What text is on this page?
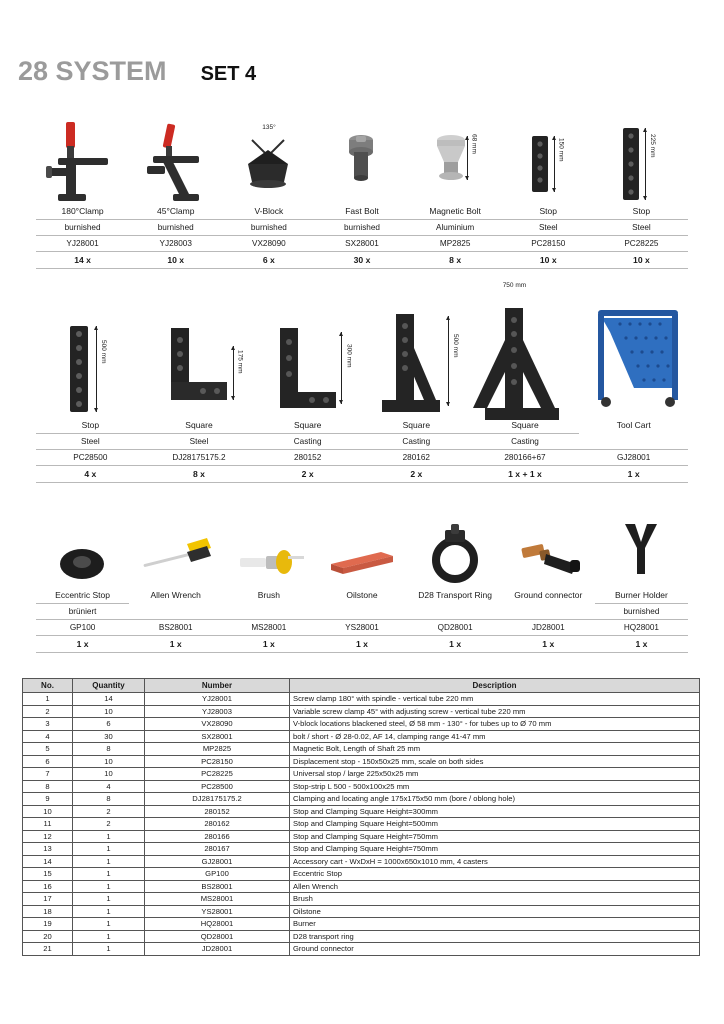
28 SYSTEM SET 4
135°
68 mm	150 mm	225 mm
180°Clamp	45°Clamp	V-Block	Fast Bolt	Magnetic Bolt	Stop	Stop
burnished	burnished	burnished	burnished	Aluminium	Steel	Steel
YJ28001	YJ28003	VX28090	SX28001	MP2825	PC28150	PC28225
14 x	10 x	6 x	30 x	8 x	10 x	10 x
500 mm	175 mm	300 mm	500 mm
750 mm
Stop	Square	Square	Square	Square	Tool Cart
Steel	Steel	Casting	Casting	Casting	
PC28500	DJ28175175.2	280152	280162	280166+67	GJ28001
4 x	8 x	2 x	2 x	1 x + 1 x	1 x
Eccentric Stop	Allen Wrench	Brush	Oilstone	D28 Transport Ring	Ground connector	Burner Holder
brüniert						burnished
GP100	BS28001	MS28001	YS28001	QD28001	JD28001	HQ28001
1 x	1 x	1 x	1 x	1 x	1 x	1 x
No.	Quantity	Number	Description
1	14	YJ28001	Screw clamp 180° with spindle - vertical tube 220 mm
2	10	YJ28003	Variable screw clamp 45° with adjusting screw - vertical tube 220 mm
3	6	VX28090	V-block locations blackened steel, Ø 58 mm - 130° - for tubes up to Ø 70 mm
4	30	SX28001	bolt / short - Ø 28-0.02, AF 14, clamping range 41-47 mm
5	8	MP2825	Magnetic Bolt, Length of Shaft 25 mm
6	10	PC28150	Displacement stop - 150x50x25 mm, scale on both sides
7	10	PC28225	Universal stop / large 225x50x25 mm
8	4	PC28500	Stop-strip L 500 - 500x100x25 mm
9	8	DJ28175175.2	Clamping and locating angle 175x175x50 mm (bore / oblong hole)
10	2	280152	Stop and Clamping Square Height=300mm
11	2	280162	Stop and Clamping Square Height=500mm
12	1	280166	Stop and Clamping Square Height=750mm
13	1	280167	Stop and Clamping Square Height=750mm
14	1	GJ28001	Accessory cart - WxDxH = 1000x650x1010 mm, 4 casters
15	1	GP100	Eccentric Stop
16	1	BS28001	Allen Wrench
17	1	MS28001	Brush
18	1	YS28001	Oilstone
19	1	HQ28001	Burner
20	1	QD28001	D28 transport ring
21	1	JD28001	Ground connector
